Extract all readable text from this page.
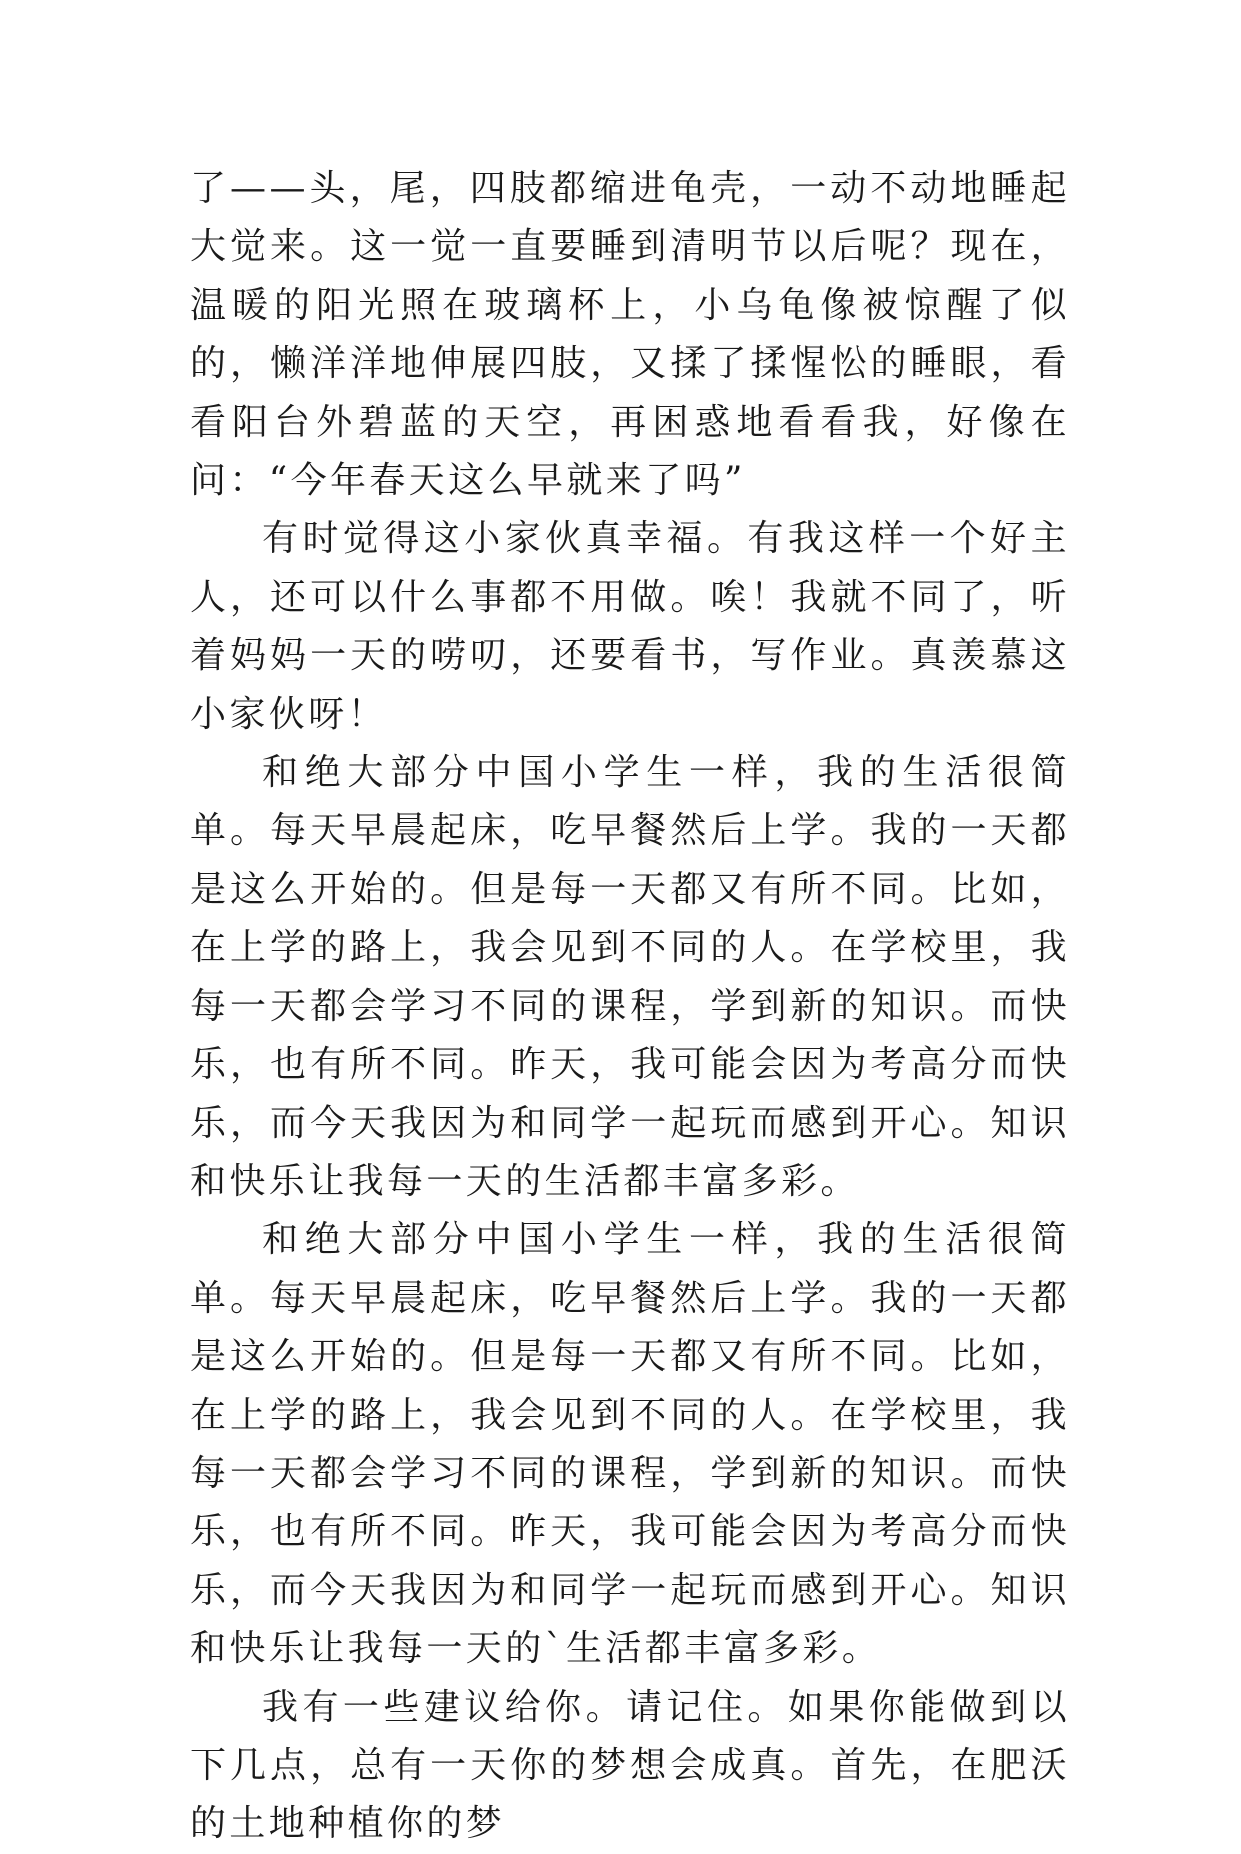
了——头，尾，四肢都缩进龟壳，一动不动地睡起大觉来。这一觉一直要睡到清明节以后呢？现在，温暖的阳光照在玻璃杯上，小乌龟像被惊醒了似的，懒洋洋地伸展四肢，又揉了揉惺忪的睡眼，看看阳台外碧蓝的天空，再困惑地看看我，好像在问：“今年春天这么早就来了吗”

有时觉得这小家伙真幸福。有我这样一个好主人，还可以什么事都不用做。唉！我就不同了，听着妈妈一天的唠叨，还要看书，写作业。真羡慕这小家伙呀！

和绝大部分中国小学生一样，我的生活很简单。每天早晨起床，吃早餐然后上学。我的一天都是这么开始的。但是每一天都又有所不同。比如，在上学的路上，我会见到不同的人。在学校里，我每一天都会学习不同的课程，学到新的知识。而快乐，也有所不同。昨天，我可能会因为考高分而快乐，而今天我因为和同学一起玩而感到开心。知识和快乐让我每一天的生活都丰富多彩。

和绝大部分中国小学生一样，我的生活很简单。每天早晨起床，吃早餐然后上学。我的一天都是这么开始的。但是每一天都又有所不同。比如，在上学的路上，我会见到不同的人。在学校里，我每一天都会学习不同的课程，学到新的知识。而快乐，也有所不同。昨天，我可能会因为考高分而快乐，而今天我因为和同学一起玩而感到开心。知识和快乐让我每一天的`生活都丰富多彩。

我有一些建议给你。请记住。如果你能做到以下几点，总有一天你的梦想会成真。首先，在肥沃的土地种植你的梦
